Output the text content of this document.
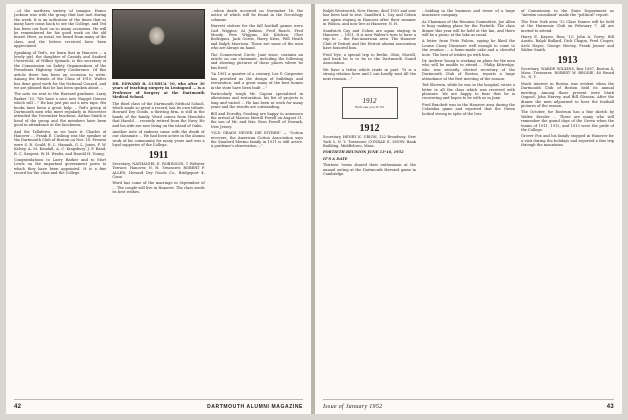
...of the northern variety of tanager, Honce Jackson was with the group that last met during the week. It is an indication of the times that so many have come back to see the College, and Ted has been our host on so many occasions. He will be remembered for his good work on the old board. Here, as usual, we heard from many of the class, and the letters received have been appreciated.

Speaking of Ted's, we learn that in Hanover ... a lovely girl, the daughter of Cassidy and Sanford Unterricht, of Wilbur Spinach, is the secretary of the Commission on Safety Organizations of the Presidents Highway Safety Conference. Of this article there has been an occasion to write. Among the friends of the Class of 1910, Walter has done good work for the National Council, and we are pleased that he has been spoken about ...

The note we sent to the Harvard graduate, Larry Barker '10, "We have a nice new Nugget Denver which will ..." He has just put out a new tape. His books have been a great help ... Ted's group of Dartmouth men who meet regularly in Worcester attended the November luncheon. Arthur Smith is head of the group and the members have been good in attendance at the luncheons.

And the Tallaferto, as we have it: Charles of Hanover ... Frank E. Cushing was the speaker at the Dartmouth Club of Boston on Nov. 18. Present were S. R. Gould, R. L. Hannah, G. L. Jones, F. W. Kelsey, A. M. Kendall, A. C. Kingsbury, J. P. Rand, R. C. Sargent, W. H. Weeks, and Harold H. Young.

Congratulations to Larry Barker and to Mort Lewis on the important government posts to which they have been appointed. It is a fine record for the class and the College.

DR. EDWARD B. GUSHUA '10, who after 30 years of teaching surgery in Leningrad ... is a Professor of Surgery at the Dartmouth Medical School.

The third class of the Dartmouth Medical School, which made so great a record, has its own tribute. Howard Dry Goods, a thriving firm, is still in the hands of the family. Word comes from Honolulu that Harold ... recently retired from the Navy. He and his wife are now living on the island of Oahu.

Another note of sadness came with the death of our classmate ... He had been active in the alumni work of his community for many years and was a loyal supporter of the College.

1911

Secretary, NATHANIEL E. ROBINSON, 1 Webster Terrace, Hanover, N. H. Treasurer, ROBERT P. ALLEN, Howard Dry Goods Co., Bridgeport 4, Conn.

Word has come of the marriage in September of ... The couple will live in Hanover. The class sends its best wishes.

...when death occurred on November 16, the notice of which will be found in the Necrology columns.

Harvest visitors for the fall football games were Carl Wiggins, Al Jenkins, Fred Roach, Fred Moody, Pete Wiggins, Kit Kitchen, Chet Rodrigues, Jack Curtis, Harry Kriss, Will Heath and Ralph Morrison. Those are some of the men who are always on hand.

The Connecticut Circle, June issue, contains an article on our classmate, including the following and showing pictures of those places where he has lived.

"In 1951 a quarter of a century, Les P. Carpenter has provided us the design of buildings and restoration, and a great many of the best homes in the state have been built ..."

Particularly tough Mr. Caponi specialized in alterations and restoration, his list of projects is long and varied ... He has been at work for many years and the results are outstanding.

Bill and Dorothy Gooding are happy to announce the arrival of Marcus Merrill Powell on August 31, the son of Mr. and Mrs. Ross Powell of Newark, New Jersey.

"OLD GRADS NEVER DIE EITHER" — "Cotton recovers, the American Cotton Association says the Stanford Merino family in 1911 is still active. A gardener's observation ..."

42	DARTMOUTH ALUMNI MAGAZINE

Ralph Wentworth, New Haven, died 1951 and now has been laid to rest. Sandford L. Cay and Cohen are again staying in Hanover after their summer in Wilson, and now live at Hanover, N. H.

Sandwich Cay and Cohen are again staying in Hanover ... 1951. It is now Walter's turn to have a trip to ... the Pan-American area. The Hanover Club of Detroit and the Detroit alumni association have honored him.

Fred Nye, a special trip to Berlin, Ohio; Morrill, and back he is to be in the Dartmouth Guard Association.

We have a letter which reads in part: "It is a strong relation here and I can hardly wait till the next reunion ..."

1912
We'll see you in '52
1912

Secretary, HENRY K. URION, 122 Broadway, New York 5, N. Y. Treasurer, CONRAD E. SNOW, Bank Building, Middleboro, Mass.

FORTIETH REUNION JUNE 13-16, 1952

IT'S A DATE

Thirteen 'teens shared their enthusiasm at the annual outing at the Dartmouth Harvard game in Cambridge.

...holding in the business and tower of a large insurance company.

As Chairman of the Reunion Committee, Joe Allen is busy making plans for the Fortieth. The class dinner this year will be held at the Inn, and there will be a picnic at the lake as usual.

A letter from Fritz Falcon, saying he liked the Louise Casey Dinsmore well enough to come to the reunion ... a home-made cake and a cheerful note. The best of wishes go with him.

Dr. Andrew Young is working on plans for the men who will be unable to attend ... Philip Kittredge, who was recently elected secretary of the Dartmouth Club of Boston, reports a large attendance at the first meeting of the season.

Ted Sherwin, while he was in the hospital, wrote a letter to all the class which was received with pleasure. We are happy to hear that he is recovering and hopes to be with us in June.

Fred Brackett was in the Hanover area during the Columbia game and reported that the Green looked strong in spite of the loss.

of Commission in the State Department as "interim consultant" made the "political" report.

The New York area '12 Class Dinner will be held at the Harmonie Club on February 7. All are invited to attend.

Harry E. Kayser, Ross '12; John A. Gerry; Bill Austin, Ralph Bullard, Dick Chapin, Fred Cooper, Arch Hayes, George Hersey, Frank Jenner and Walter Smith.

1913

Secretary, WARDE WILKINS, Box 1087, Boston 4, Mass. Treasurer, ROBERT W. BRODIE, 40 Broad St., N. Y.

Much interest in Boston was evident when the Dartmouth Club of Boston held its annual meeting. Among those present were Mark Osgood, John Harvey, and Bill Gleason. After the dinner the men adjourned to hear the football pictures of the season.

The October, for Rostrum has a fine sketch by Walter Kessler ... There are many who will remember the grand days of the Green when the teams of 1911, 1912, and 1913 were the pride of the College.

Grover Fox and his family stopped in Hanover for a visit during the holidays and reported a fine trip through the mountains.

Issue of January 1952	43
